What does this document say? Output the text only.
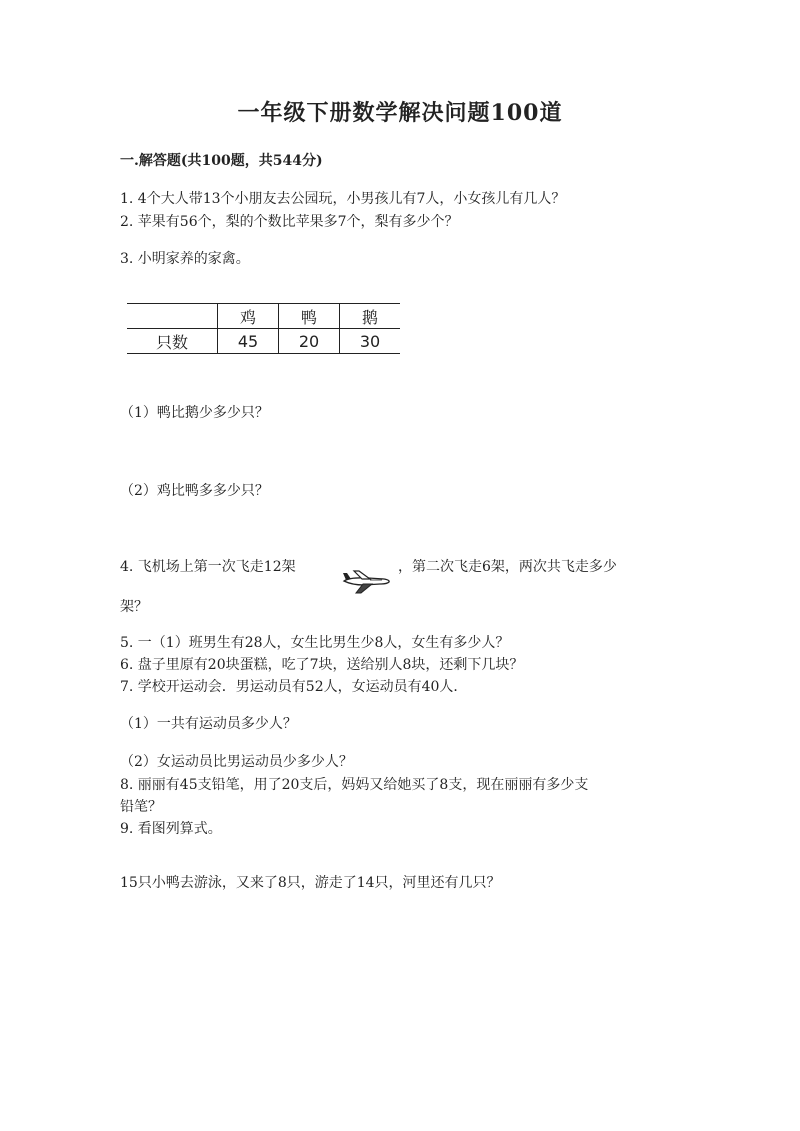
一年级下册数学解决问题100道
一.解答题(共100题，共544分)
1. 4个大人带13个小朋友去公园玩，小男孩儿有7人，小女孩儿有几人？
2. 苹果有56个，梨的个数比苹果多7个，梨有多少个？
3. 小明家养的家禽。
	鸡	鸭	鹅
只数	45	20	30
（1）鸭比鹅少多少只？
（2）鸡比鸭多多少只？
4. 飞机场上第一次飞走12架	，第二次飞走6架，两次共飞走多少
架？
5. 一（1）班男生有28人，女生比男生少8人，女生有多少人？
6. 盘子里原有20块蛋糕，吃了7块，送给别人8块，还剩下几块？
7. 学校开运动会．男运动员有52人，女运动员有40人．
（1）一共有运动员多少人？
（2）女运动员比男运动员少多少人？
8. 丽丽有45支铅笔，用了20支后，妈妈又给她买了8支，现在丽丽有多少支
铅笔？
9. 看图列算式。
15只小鸭去游泳，又来了8只，游走了14只，河里还有几只？
